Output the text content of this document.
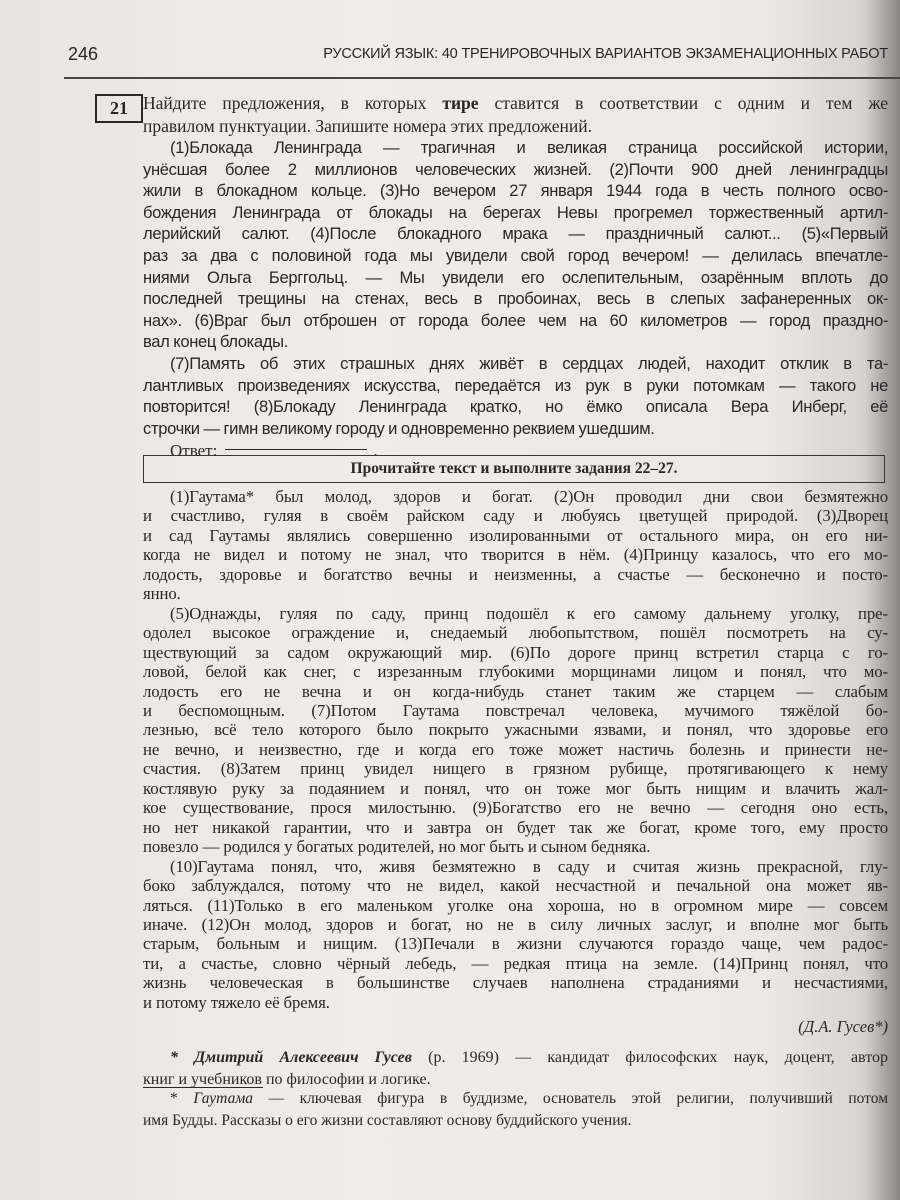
246	РУССКИЙ ЯЗЫК: 40 ТРЕНИРОВОЧНЫХ ВАРИАНТОВ ЭКЗАМЕНАЦИОННЫХ РАБОТ
21 Найдите предложения, в которых тире ставится в соответствии с одним и тем же
правилом пунктуации. Запишите номера этих предложений.
(1)Блокада Ленинграда — трагичная и великая страница российской истории,
унёсшая более 2 миллионов человеческих жизней. (2)Почти 900 дней ленинградцы
жили в блокадном кольце. (3)Но вечером 27 января 1944 года в честь полного осво-
бождения Ленинграда от блокады на берегах Невы прогремел торжественный артил-
лерийский салют. (4)После блокадного мрака — праздничный салют... (5)«Первый
раз за два с половиной года мы увидели свой город вечером! — делилась впечатле-
ниями Ольга Берггольц. — Мы увидели его ослепительным, озарённым вплоть до
последней трещины на стенах, весь в пробоинах, весь в слепых зафанеренных ок-
нах». (6)Враг был отброшен от города более чем на 60 километров — город праздно-
вал конец блокады.
(7)Память об этих страшных днях живёт в сердцах людей, находит отклик в та-
лантливых произведениях искусства, передаётся из рук в руки потомкам — такого не
повторится! (8)Блокаду Ленинграда кратко, но ёмко описала Вера Инберг, её
строчки — гимн великому городу и одновременно реквием ушедшим.
Ответ:	.
Прочитайте текст и выполните задания 22–27.
(1)Гаутама* был молод, здоров и богат. (2)Он проводил дни свои безмятежно
и счастливо, гуляя в своём райском саду и любуясь цветущей природой. (3)Дворец
и сад Гаутамы являлись совершенно изолированными от остального мира, он его ни-
когда не видел и потому не знал, что творится в нём. (4)Принцу казалось, что его мо-
лодость, здоровье и богатство вечны и неизменны, а счастье — бесконечно и посто-
янно.
(5)Однажды, гуляя по саду, принц подошёл к его самому дальнему уголку, пре-
одолел высокое ограждение и, снедаемый любопытством, пошёл посмотреть на су-
ществующий за садом окружающий мир. (6)По дороге принц встретил старца с го-
ловой, белой как снег, с изрезанным глубокими морщинами лицом и понял, что мо-
лодость его не вечна и он когда-нибудь станет таким же старцем — слабым
и беспомощным. (7)Потом Гаутама повстречал человека, мучимого тяжёлой бо-
лезнью, всё тело которого было покрыто ужасными язвами, и понял, что здоровье его
не вечно, и неизвестно, где и когда его тоже может настичь болезнь и принести не-
счастия. (8)Затем принц увидел нищего в грязном рубище, протягивающего к нему
костлявую руку за подаянием и понял, что он тоже мог быть нищим и влачить жал-
кое существование, прося милостыню. (9)Богатство его не вечно — сегодня оно есть,
но нет никакой гарантии, что и завтра он будет так же богат, кроме того, ему просто
повезло — родился у богатых родителей, но мог быть и сыном бедняка.
(10)Гаутама понял, что, живя безмятежно в саду и считая жизнь прекрасной, глу-
боко заблуждался, потому что не видел, какой несчастной и печальной она может яв-
ляться. (11)Только в его маленьком уголке она хороша, но в огромном мире — совсем
иначе. (12)Он молод, здоров и богат, но не в силу личных заслуг, и вполне мог быть
старым, больным и нищим. (13)Печали в жизни случаются гораздо чаще, чем радос-
ти, а счастье, словно чёрный лебедь, — редкая птица на земле. (14)Принц понял, что
жизнь человеческая в большинстве случаев наполнена страданиями и несчастиями,
и потому тяжело её бремя.
(Д.А. Гусев*)
* Дмитрий Алексеевич Гусев (р. 1969) — кандидат философских наук, доцент, автор
книг и учебников по философии и логике.
* Гаутама — ключевая фигура в буддизме, основатель этой религии, получивший потом
имя Будды. Рассказы о его жизни составляют основу буддийского учения.
